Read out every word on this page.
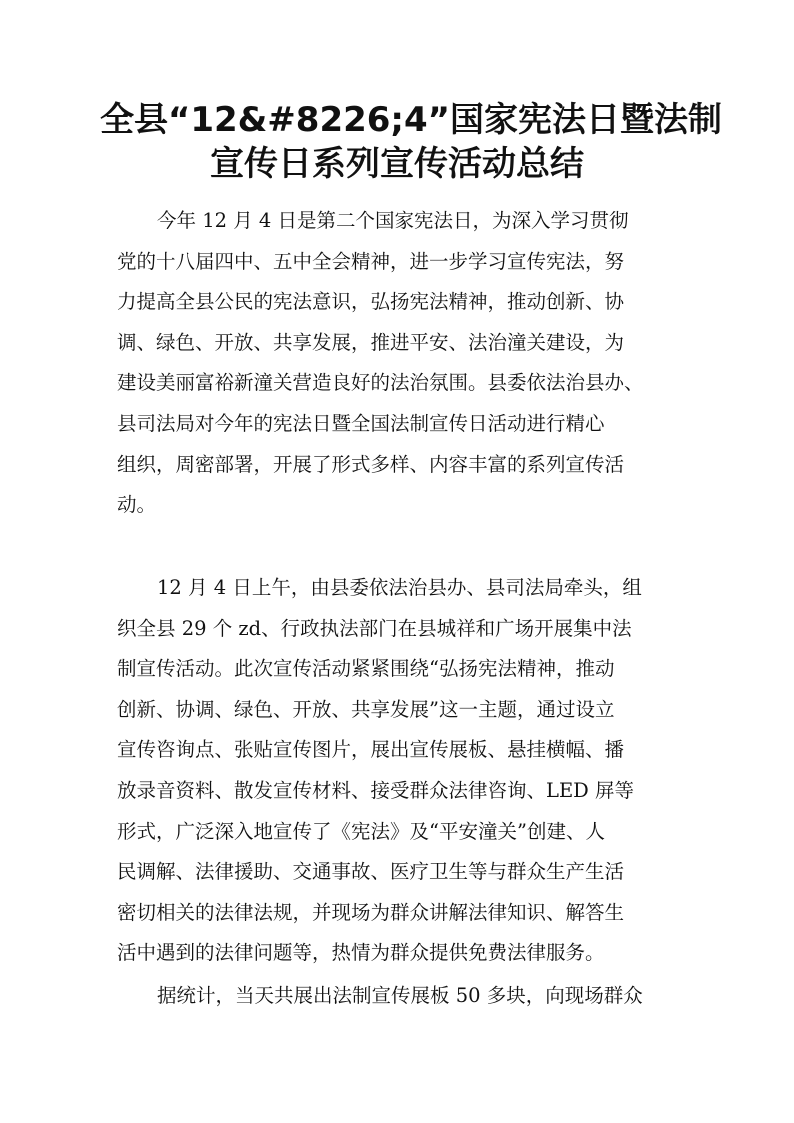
全县“12&#8226;4”国家宪法日暨法制
宣传日系列宣传活动总结
今年 12 月 4 日是第二个国家宪法日，为深入学习贯彻
党的十八届四中、五中全会精神，进一步学习宣传宪法，努
力提高全县公民的宪法意识，弘扬宪法精神，推动创新、协
调、绿色、开放、共享发展，推进平安、法治潼关建设，为
建设美丽富裕新潼关营造良好的法治氛围。县委依法治县办、
县司法局对今年的宪法日暨全国法制宣传日活动进行精心
组织，周密部署，开展了形式多样、内容丰富的系列宣传活
动。
12 月 4 日上午，由县委依法治县办、县司法局牵头，组
织全县 29 个 zd、行政执法部门在县城祥和广场开展集中法
制宣传活动。此次宣传活动紧紧围绕“弘扬宪法精神，推动
创新、协调、绿色、开放、共享发展”这一主题，通过设立
宣传咨询点、张贴宣传图片，展出宣传展板、悬挂横幅、播
放录音资料、散发宣传材料、接受群众法律咨询、LED 屏等
形式，广泛深入地宣传了《宪法》及“平安潼关”创建、人
民调解、法律援助、交通事故、医疗卫生等与群众生产生活
密切相关的法律法规，并现场为群众讲解法律知识、解答生
活中遇到的法律问题等，热情为群众提供免费法律服务。
据统计，当天共展出法制宣传展板 50 多块，向现场群众
